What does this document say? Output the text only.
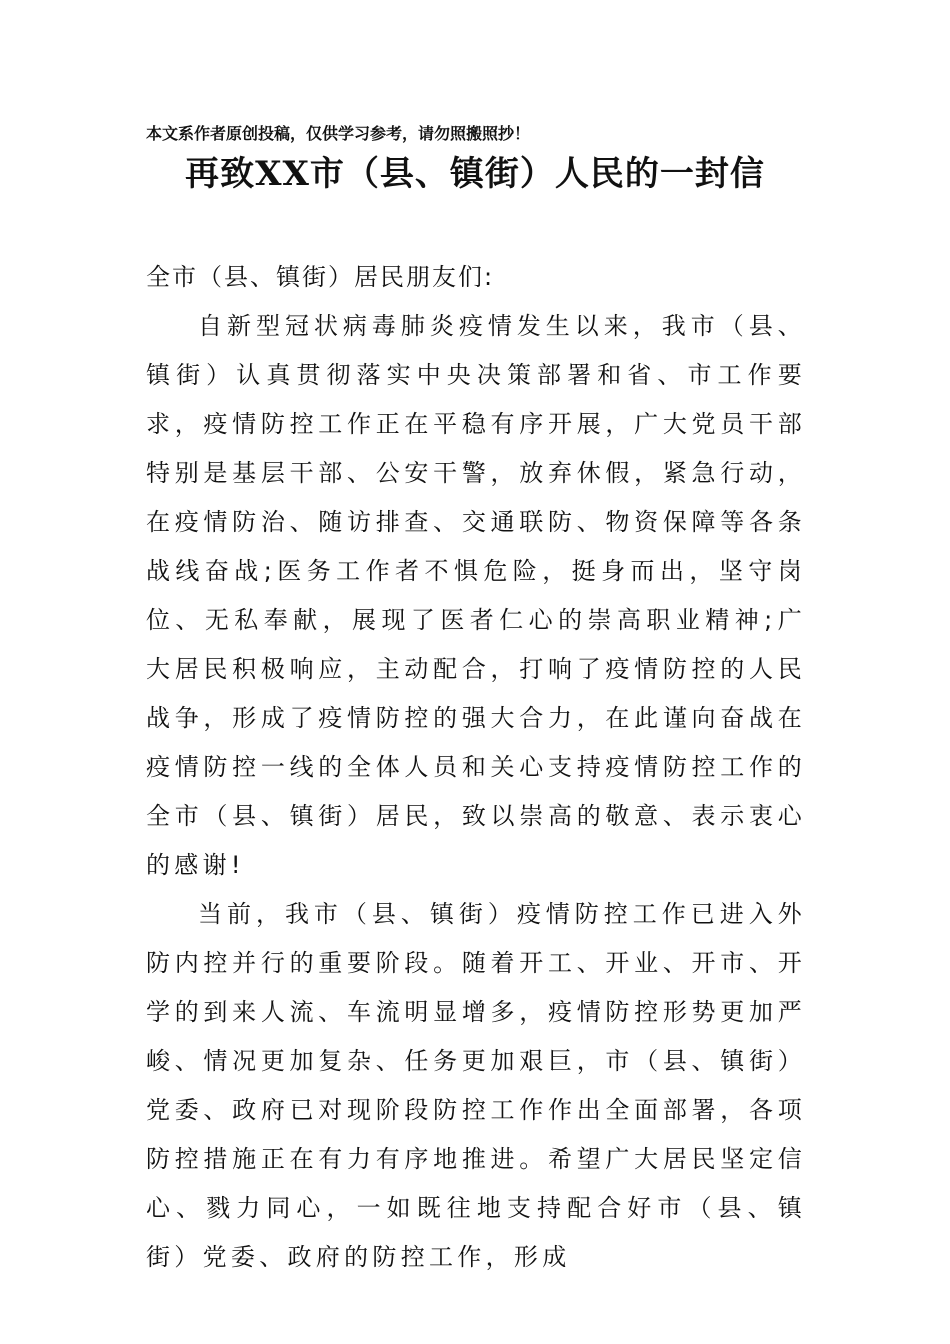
本文系作者原创投稿，仅供学习参考，请勿照搬照抄！
再致XX市（县、镇街）人民的一封信

全市（县、镇街）居民朋友们:

自新型冠状病毒肺炎疫情发生以来，我市（县、镇街）认真贯彻落实中央决策部署和省、市工作要求，疫情防控工作正在平稳有序开展，广大党员干部特别是基层干部、公安干警，放弃休假，紧急行动，在疫情防治、随访排查、交通联防、物资保障等各条战线奋战;医务工作者不惧危险，挺身而出，坚守岗位、无私奉献，展现了医者仁心的崇高职业精神;广大居民积极响应，主动配合，打响了疫情防控的人民战争，形成了疫情防控的强大合力，在此谨向奋战在疫情防控一线的全体人员和关心支持疫情防控工作的全市（县、镇街）居民，致以崇高的敬意、表示衷心的感谢!

当前，我市（县、镇街）疫情防控工作已进入外防内控并行的重要阶段。随着开工、开业、开市、开学的到来人流、车流明显增多，疫情防控形势更加严峻、情况更加复杂、任务更加艰巨，市（县、镇街）党委、政府已对现阶段防控工作作出全面部署，各项防控措施正在有力有序地推进。希望广大居民坚定信心、戮力同心，一如既往地支持配合好市（县、镇街）党委、政府的防控工作，形成
